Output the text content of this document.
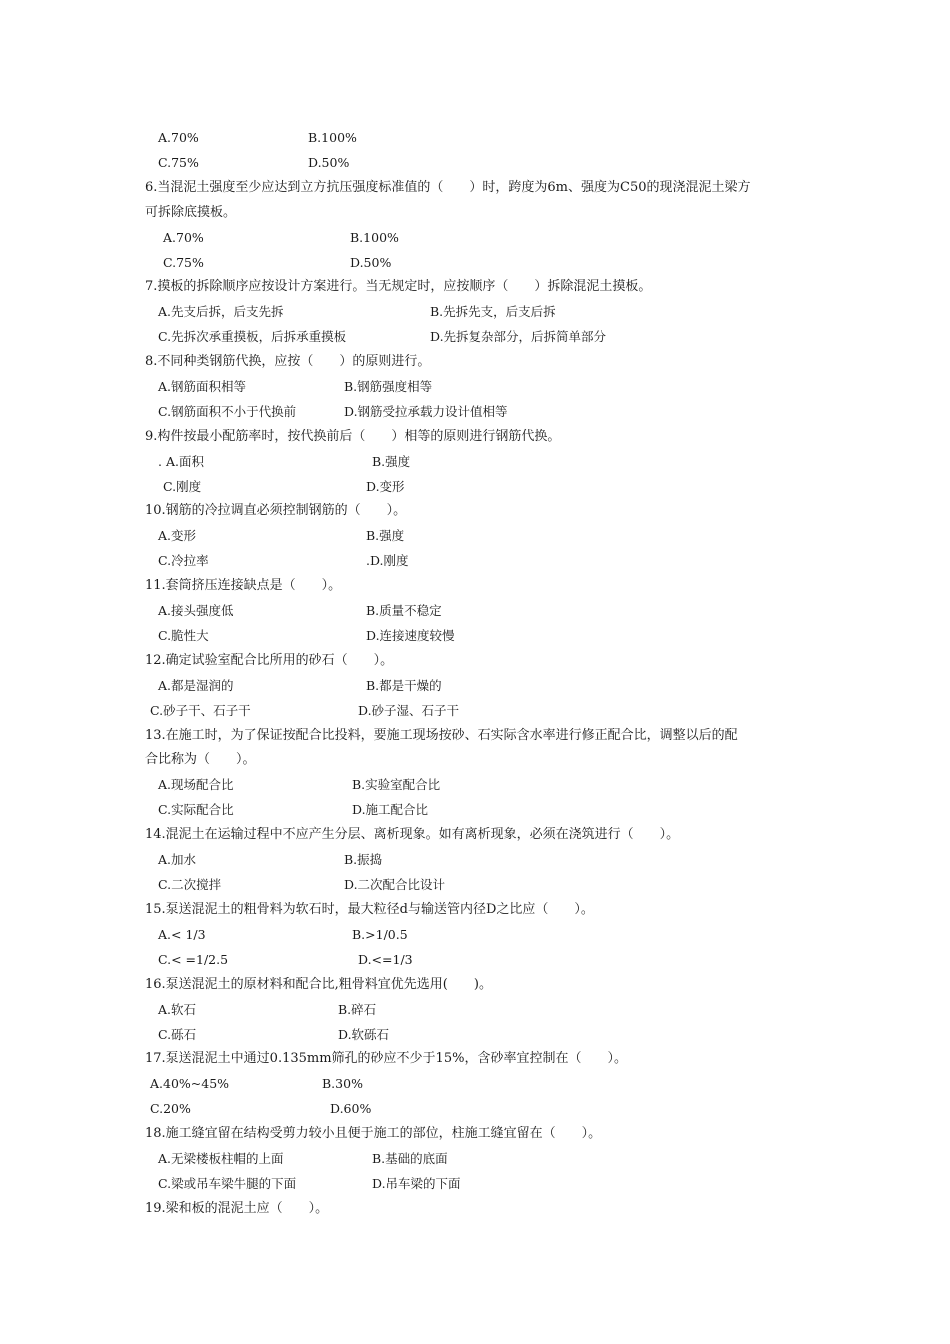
A.70%	B.100%
C.75%	D.50%
6.当混泥土强度至少应达到立方抗压强度标准值的（　　）时，跨度为6m、强度为C50的现浇混泥土梁方
可拆除底摸板。
A.70%	B.100%
C.75%	D.50%
7.摸板的拆除顺序应按设计方案进行。当无规定时，应按顺序（　　）拆除混泥土摸板。
A.先支后拆，后支先拆	B.先拆先支，后支后拆
C.先拆次承重摸板，后拆承重摸板	D.先拆复杂部分，后拆简单部分
8.不同种类钢筋代换，应按（　　）的原则进行。
A.钢筋面积相等	B.钢筋强度相等
C.钢筋面积不小于代换前	D.钢筋受拉承载力设计值相等
9.构件按最小配筋率时，按代换前后（　　）相等的原则进行钢筋代换。
. A.面积	B.强度
C.刚度	D.变形
10.钢筋的冷拉调直必须控制钢筋的（　　）。
A.变形	B.强度
C.冷拉率	.D.刚度
11.套筒挤压连接缺点是（　　）。
A.接头强度低	B.质量不稳定
C.脆性大	D.连接速度较慢
12.确定试验室配合比所用的砂石（　　）。
A.都是湿润的	B.都是干燥的
C.砂子干、石子干	D.砂子湿、石子干
13.在施工时，为了保证按配合比投料，要施工现场按砂、石实际含水率进行修正配合比，调整以后的配
合比称为（　　）。
A.现场配合比	B.实验室配合比
C.实际配合比	D.施工配合比
14.混泥土在运输过程中不应产生分层、离析现象。如有离析现象，必须在浇筑进行（　　）。
A.加水	B.振捣
C.二次搅拌	D.二次配合比设计
15.泵送混泥土的粗骨料为软石时，最大粒径d与输送管内径D之比应（　　）。
A.< 1/3	B.>1/0.5
C.< =1/2.5	D.<=1/3
16.泵送混泥土的原材料和配合比,粗骨料宜优先选用(　　)。
A.软石	B.碎石
C.砾石	D.软砾石
17.泵送混泥土中通过0.135mm筛孔的砂应不少于15%，含砂率宜控制在（　　）。
A.40%~45%	B.30%
C.20%	D.60%
18.施工缝宜留在结构受剪力较小且便于施工的部位，柱施工缝宜留在（　　）。
A.无梁楼板柱帽的上面	B.基础的底面
C.梁或吊车梁牛腿的下面	D.吊车梁的下面
19.梁和板的混泥土应（　　）。
